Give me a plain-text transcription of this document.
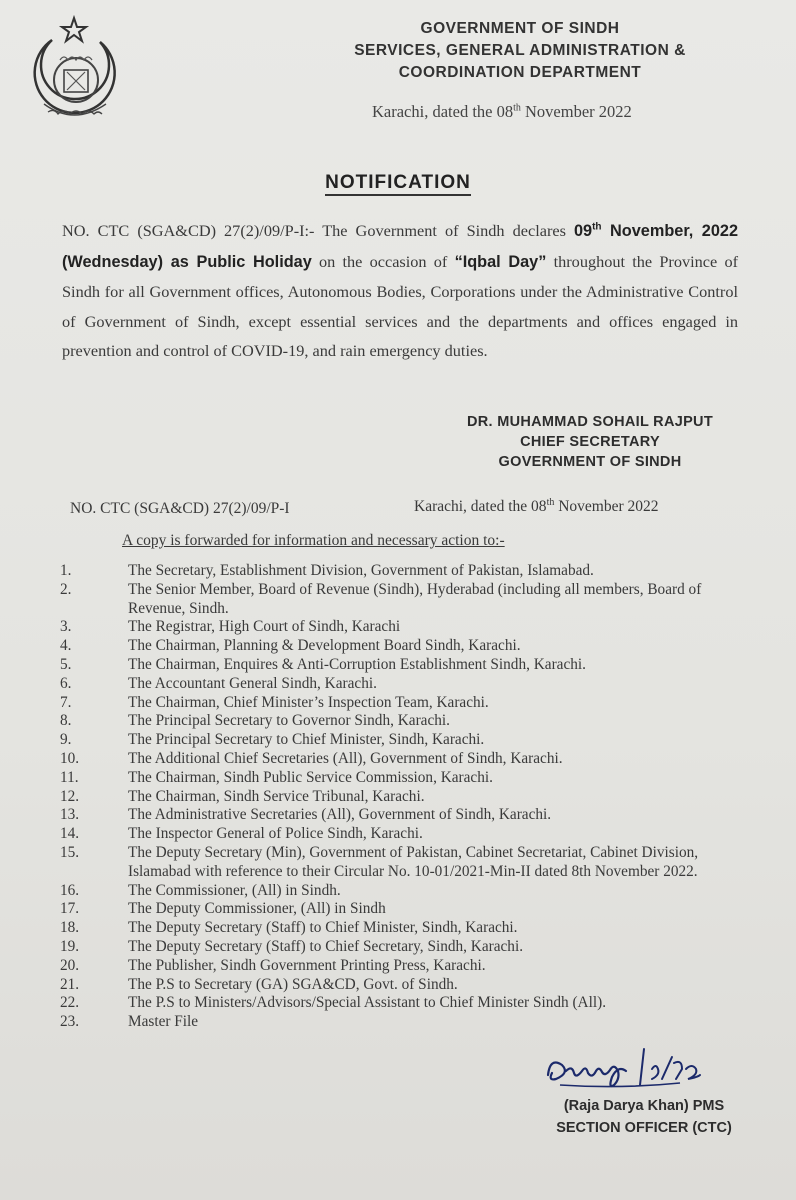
GOVERNMENT OF SINDH
SERVICES, GENERAL ADMINISTRATION &
COORDINATION DEPARTMENT
Karachi, dated the 08th November 2022
NOTIFICATION
NO. CTC (SGA&CD) 27(2)/09/P-I:- The Government of Sindh declares 09th November, 2022 (Wednesday) as Public Holiday on the occasion of “Iqbal Day” throughout the Province of Sindh for all Government offices, Autonomous Bodies, Corporations under the Administrative Control of Government of Sindh, except essential services and the departments and offices engaged in prevention and control of COVID-19, and rain emergency duties.
DR. MUHAMMAD SOHAIL RAJPUT
CHIEF SECRETARY
GOVERNMENT OF SINDH
NO. CTC (SGA&CD) 27(2)/09/P-I	Karachi, dated the 08th November 2022
A copy is forwarded for information and necessary action to:-
1.	The Secretary, Establishment Division, Government of Pakistan, Islamabad.
2.	The Senior Member, Board of Revenue (Sindh), Hyderabad (including all members, Board of Revenue, Sindh.
3.	The Registrar, High Court of Sindh, Karachi
4.	The Chairman, Planning & Development Board Sindh, Karachi.
5.	The Chairman, Enquires & Anti-Corruption Establishment Sindh, Karachi.
6.	The Accountant General Sindh, Karachi.
7.	The Chairman, Chief Minister’s Inspection Team, Karachi.
8.	The Principal Secretary to Governor Sindh, Karachi.
9.	The Principal Secretary to Chief Minister, Sindh, Karachi.
10.	The Additional Chief Secretaries (All), Government of Sindh, Karachi.
11.	The Chairman, Sindh Public Service Commission, Karachi.
12.	The Chairman, Sindh Service Tribunal, Karachi.
13.	The Administrative Secretaries (All), Government of Sindh, Karachi.
14.	The Inspector General of Police Sindh, Karachi.
15.	The Deputy Secretary (Min), Government of Pakistan, Cabinet Secretariat, Cabinet Division, Islamabad with reference to their Circular No. 10-01/2021-Min-II dated 8th November 2022.
16.	The Commissioner, (All) in Sindh.
17.	The Deputy Commissioner, (All) in Sindh
18.	The Deputy Secretary (Staff) to Chief Minister, Sindh, Karachi.
19.	The Deputy Secretary (Staff) to Chief Secretary, Sindh, Karachi.
20.	The Publisher, Sindh Government Printing Press, Karachi.
21.	The P.S to Secretary (GA) SGA&CD, Govt. of Sindh.
22.	The P.S to Ministers/Advisors/Special Assistant to Chief Minister Sindh (All).
23.	Master File
(Raja Darya Khan) PMS
SECTION OFFICER (CTC)
